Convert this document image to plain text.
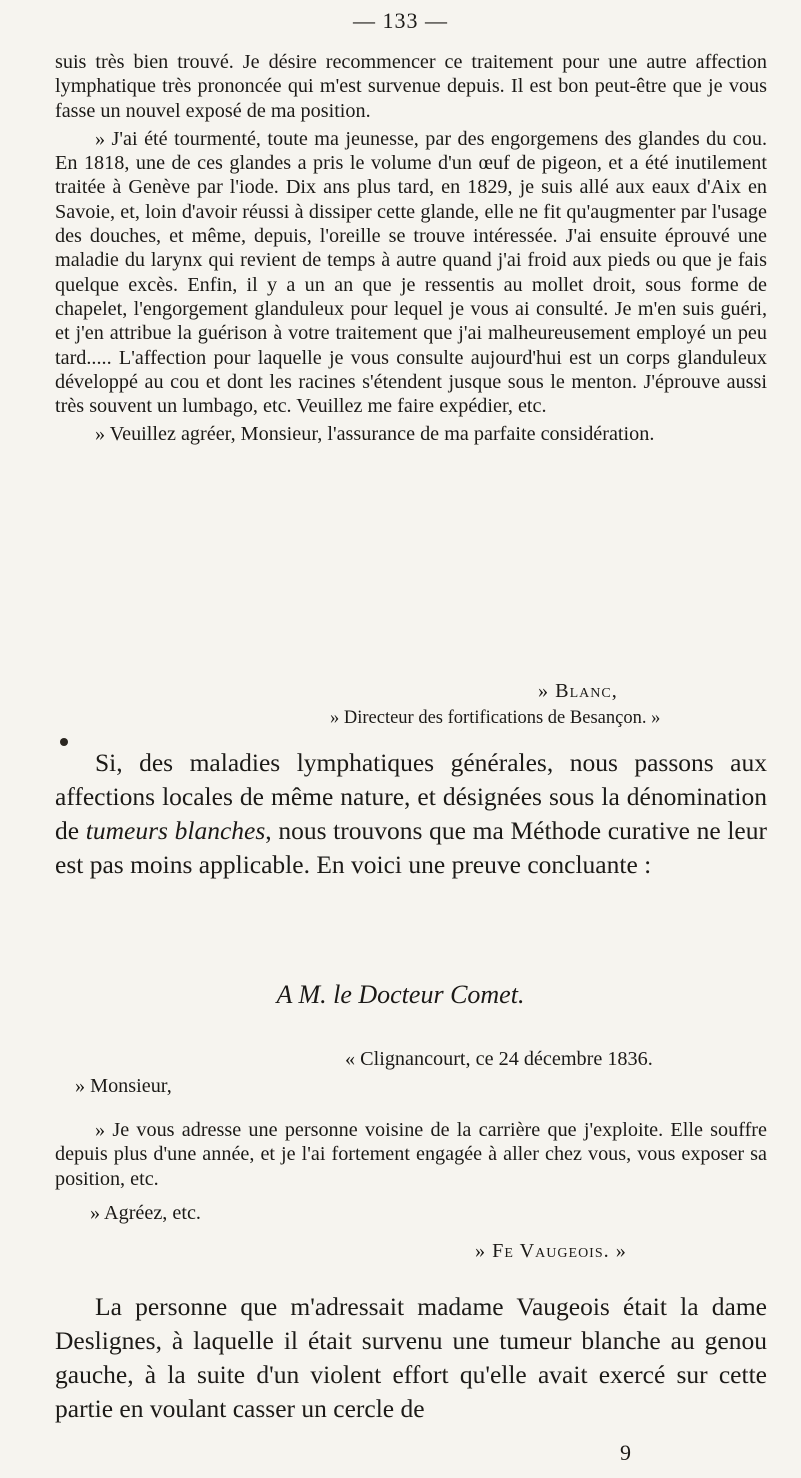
— 133 —

suis très bien trouvé. Je désire recommencer ce traitement pour une autre affection lymphatique très prononcée qui m'est survenue depuis. Il est bon peut-être que je vous fasse un nouvel exposé de ma position.

» J'ai été tourmenté, toute ma jeunesse, par des engorgemens des glandes du cou. En 1818, une de ces glandes a pris le volume d'un œuf de pigeon, et a été inutilement traitée à Genève par l'iode. Dix ans plus tard, en 1829, je suis allé aux eaux d'Aix en Savoie, et, loin d'avoir réussi à dissiper cette glande, elle ne fit qu'augmenter par l'usage des douches, et même, depuis, l'oreille se trouve intéressée. J'ai ensuite éprouvé une maladie du larynx qui revient de temps à autre quand j'ai froid aux pieds ou que je fais quelque excès. Enfin, il y a un an que je ressentis au mollet droit, sous forme de chapelet, l'engorgement glanduleux pour lequel je vous ai consulté. Je m'en suis guéri, et j'en attribue la guérison à votre traitement que j'ai malheureusement employé un peu tard..... L'affection pour laquelle je vous consulte aujourd'hui est un corps glanduleux développé au cou et dont les racines s'étendent jusque sous le menton. J'éprouve aussi très souvent un lumbago, etc. Veuillez me faire expédier, etc.

» Veuillez agréer, Monsieur, l'assurance de ma parfaite considération.

» Blanc,
» Directeur des fortifications de Besançon. »

Si, des maladies lymphatiques générales, nous passons aux affections locales de même nature, et désignées sous la dénomination de tumeurs blanches, nous trouvons que ma Méthode curative ne leur est pas moins applicable. En voici une preuve concluante :

A M. le Docteur Comet.
« Clignancourt, ce 24 décembre 1836.
» Monsieur,

» Je vous adresse une personne voisine de la carrière que j'exploite. Elle souffre depuis plus d'une année, et je l'ai fortement engagée à aller chez vous, vous exposer sa position, etc.

» Agréez, etc.
» Fe Vaugeois. »

La personne que m'adressait madame Vaugeois était la dame Deslignes, à laquelle il était survenu une tumeur blanche au genou gauche, à la suite d'un violent effort qu'elle avait exercé sur cette partie en voulant casser un cercle de

9
